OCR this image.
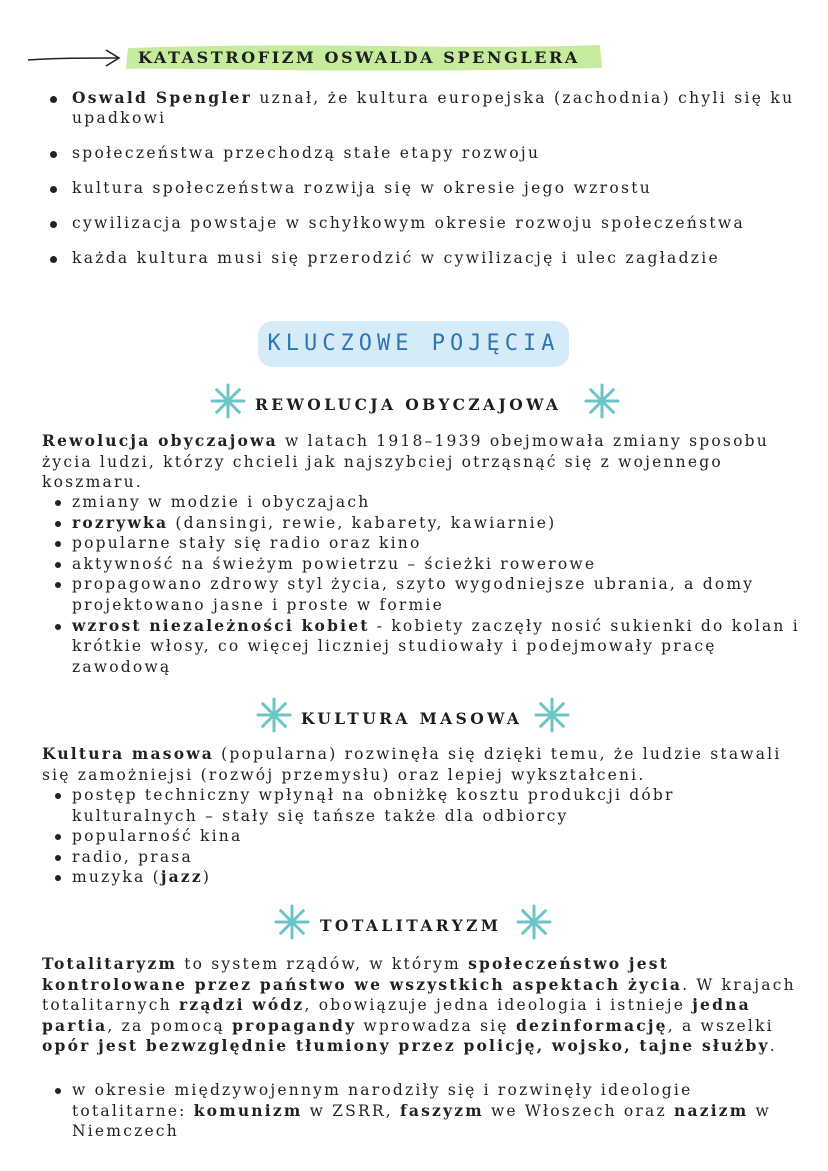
KATASTROFIZM OSWALDA SPENGLERA
Oswald Spengler uznał, że kultura europejska (zachodnia) chyli się ku upadkowi
społeczeństwa przechodzą stałe etapy rozwoju
kultura społeczeństwa rozwija się w okresie jego wzrostu
cywilizacja powstaje w schyłkowym okresie rozwoju społeczeństwa
każda kultura musi się przerodzić w cywilizację i ulec zagładzie
KLUCZOWE POJĘCIA
REWOLUCJA OBYCZAJOWA

Rewolucja obyczajowa w latach 1918–1939 obejmowała zmiany sposobu życia ludzi, którzy chcieli jak najszybciej otrząsnąć się z wojennego koszmaru.

zmiany w modzie i obyczajach
rozrywka (dansingi, rewie, kabarety, kawiarnie)
popularne stały się radio oraz kino
aktywność na świeżym powietrzu – ścieżki rowerowe
propagowano zdrowy styl życia, szyto wygodniejsze ubrania, a domy projektowano jasne i proste w formie
wzrost niezależności kobiet - kobiety zaczęły nosić sukienki do kolan i krótkie włosy, co więcej liczniej studiowały i podejmowały pracę zawodową
KULTURA MASOWA

Kultura masowa (popularna) rozwinęła się dzięki temu, że ludzie stawali się zamożniejsi (rozwój przemysłu) oraz lepiej wykształceni.

postęp techniczny wpłynął na obniżkę kosztu produkcji dóbr kulturalnych – stały się tańsze także dla odbiorcy
popularność kina
radio, prasa
muzyka (jazz)
TOTALITARYZM

Totalitaryzm to system rządów, w którym społeczeństwo jest kontrolowane przez państwo we wszystkich aspektach życia. W krajach totalitarnych rządzi wódz, obowiązuje jedna ideologia i istnieje jedna partia, za pomocą propagandy wprowadza się dezinformację, a wszelki opór jest bezwzględnie tłumiony przez policję, wojsko, tajne służby.

w okresie międzywojennym narodziły się i rozwinęły ideologie totalitarne: komunizm w ZSRR, faszyzm we Włoszech oraz nazizm w Niemczech
